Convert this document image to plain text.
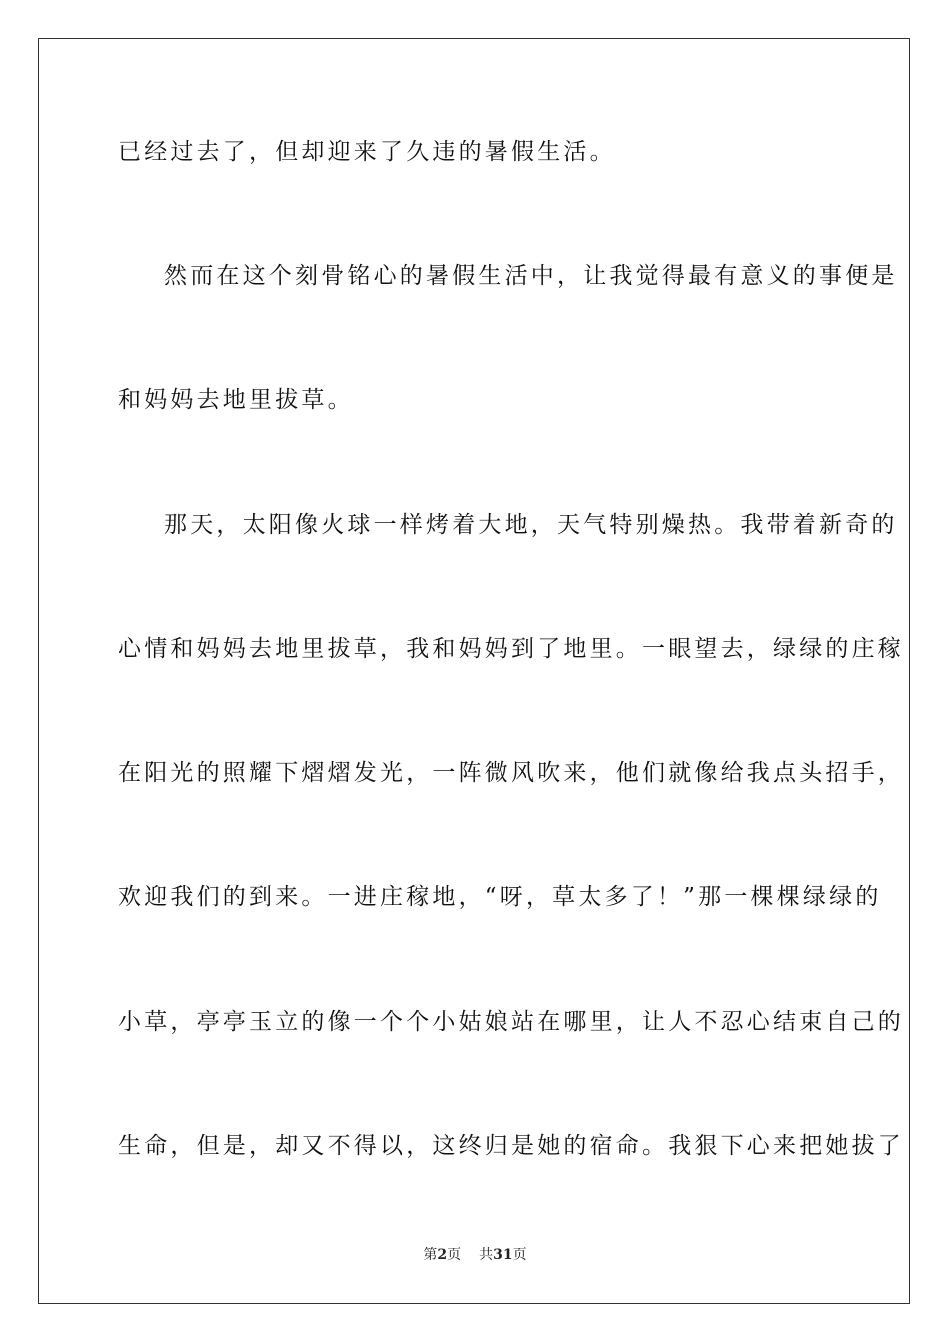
已经过去了，但却迎来了久违的暑假生活。
然而在这个刻骨铭心的暑假生活中，让我觉得最有意义的事便是
和妈妈去地里拔草。
那天，太阳像火球一样烤着大地，天气特别燥热。我带着新奇的
心情和妈妈去地里拔草，我和妈妈到了地里。一眼望去，绿绿的庄稼
在阳光的照耀下熠熠发光，一阵微风吹来，他们就像给我点头招手，
欢迎我们的到来。一进庄稼地，“呀，草太多了！”那一棵棵绿绿的
小草，亭亭玉立的像一个个小姑娘站在哪里，让人不忍心结束自己的
生命，但是，却又不得以，这终归是她的宿命。我狠下心来把她拔了
第2页 共31页
